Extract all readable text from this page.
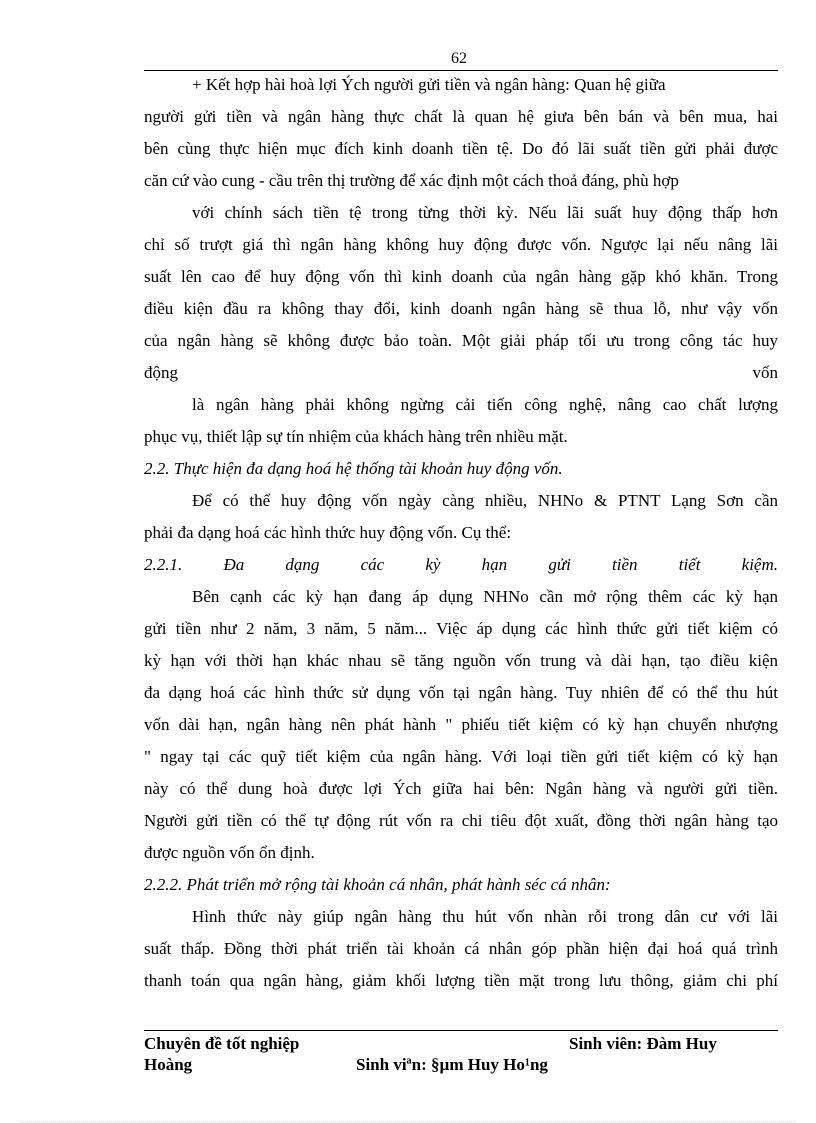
62
+ Kết hợp hài hoà lợi Ých người gửi tiền và ngân hàng: Quan hệ giữa
người gửi tiền và ngân hàng thực chất là quan hệ giưa bên bán và bên mua, hai
bên cùng thực hiện mục đích kinh doanh tiền tệ. Do đó lãi suất tiền gửi phải được
căn cứ vào cung - cầu trên thị trường để xác định một cách thoả đáng, phù hợp
với chính sách tiền tệ trong từng thời kỳ. Nếu lãi suất huy động thấp hơn
chỉ số trượt giá thì ngân hàng không huy động được vốn. Ngược lại nếu nâng lãi
suất lên cao để huy động vốn thì kinh doanh của ngân hàng gặp khó khăn. Trong
điều kiện đầu ra không thay đổi, kinh doanh ngân hàng sẽ thua lỗ, như vậy vốn
của ngân hàng sẽ không được bảo toàn. Một giải pháp tối ưu trong công tác huy
động	vốn
là ngân hàng phải không ngừng cải tiến công nghệ, nâng cao chất lượng
phục vụ, thiết lập sự tín nhiệm của khách hàng trên nhiều mặt.
2.2. Thực hiện đa dạng hoá hệ thống tài khoản huy động vốn.
Để có thể huy động vốn ngày càng nhiều, NHNo & PTNT Lạng Sơn cần
phải đa dạng hoá các hình thức huy động vốn. Cụ thể:
2.2.1. Đa dạng các kỳ hạn gửi tiền tiết kiệm.
Bên cạnh các kỳ hạn đang áp dụng NHNo cần mở rộng thêm các kỳ hạn
gửi tiền như 2 năm, 3 năm, 5 năm... Việc áp dụng các hình thức gửi tiết kiệm có
kỳ hạn với thời hạn khác nhau sẽ tăng nguồn vốn trung và dài hạn, tạo điều kiện
đa dạng hoá các hình thức sử dụng vốn tại ngân hàng. Tuy nhiên để có thể thu hút
vốn dài hạn, ngân hàng nên phát hành " phiếu tiết kiệm có kỳ hạn chuyển nhượng
" ngay tại các quỹ tiết kiệm của ngân hàng. Với loại tiền gửi tiết kiệm có kỳ hạn
này có thể dung hoà được lợi Ých giữa hai bên: Ngân hàng và người gửi tiền.
Người gửi tiền có thể tự động rút vốn ra chi tiêu đột xuất, đồng thời ngân hàng tạo
được nguồn vốn ổn định.
2.2.2. Phát triển mở rộng tài khoản cá nhân, phát hành séc cá nhân:
Hình thức này giúp ngân hàng thu hút vốn nhàn rỗi trong dân cư với lãi
suất thấp. Đồng thời phát triển tài khoản cá nhân góp phần hiện đại hoá quá trình
thanh toán qua ngân hàng, giảm khối lượng tiền mặt trong lưu thông, giảm chi phí
Chuyên đề tốt nghiệp	Sinh viên: Đàm Huy
Hoàng	Sinh viªn: §µm Huy Ho¹ng
